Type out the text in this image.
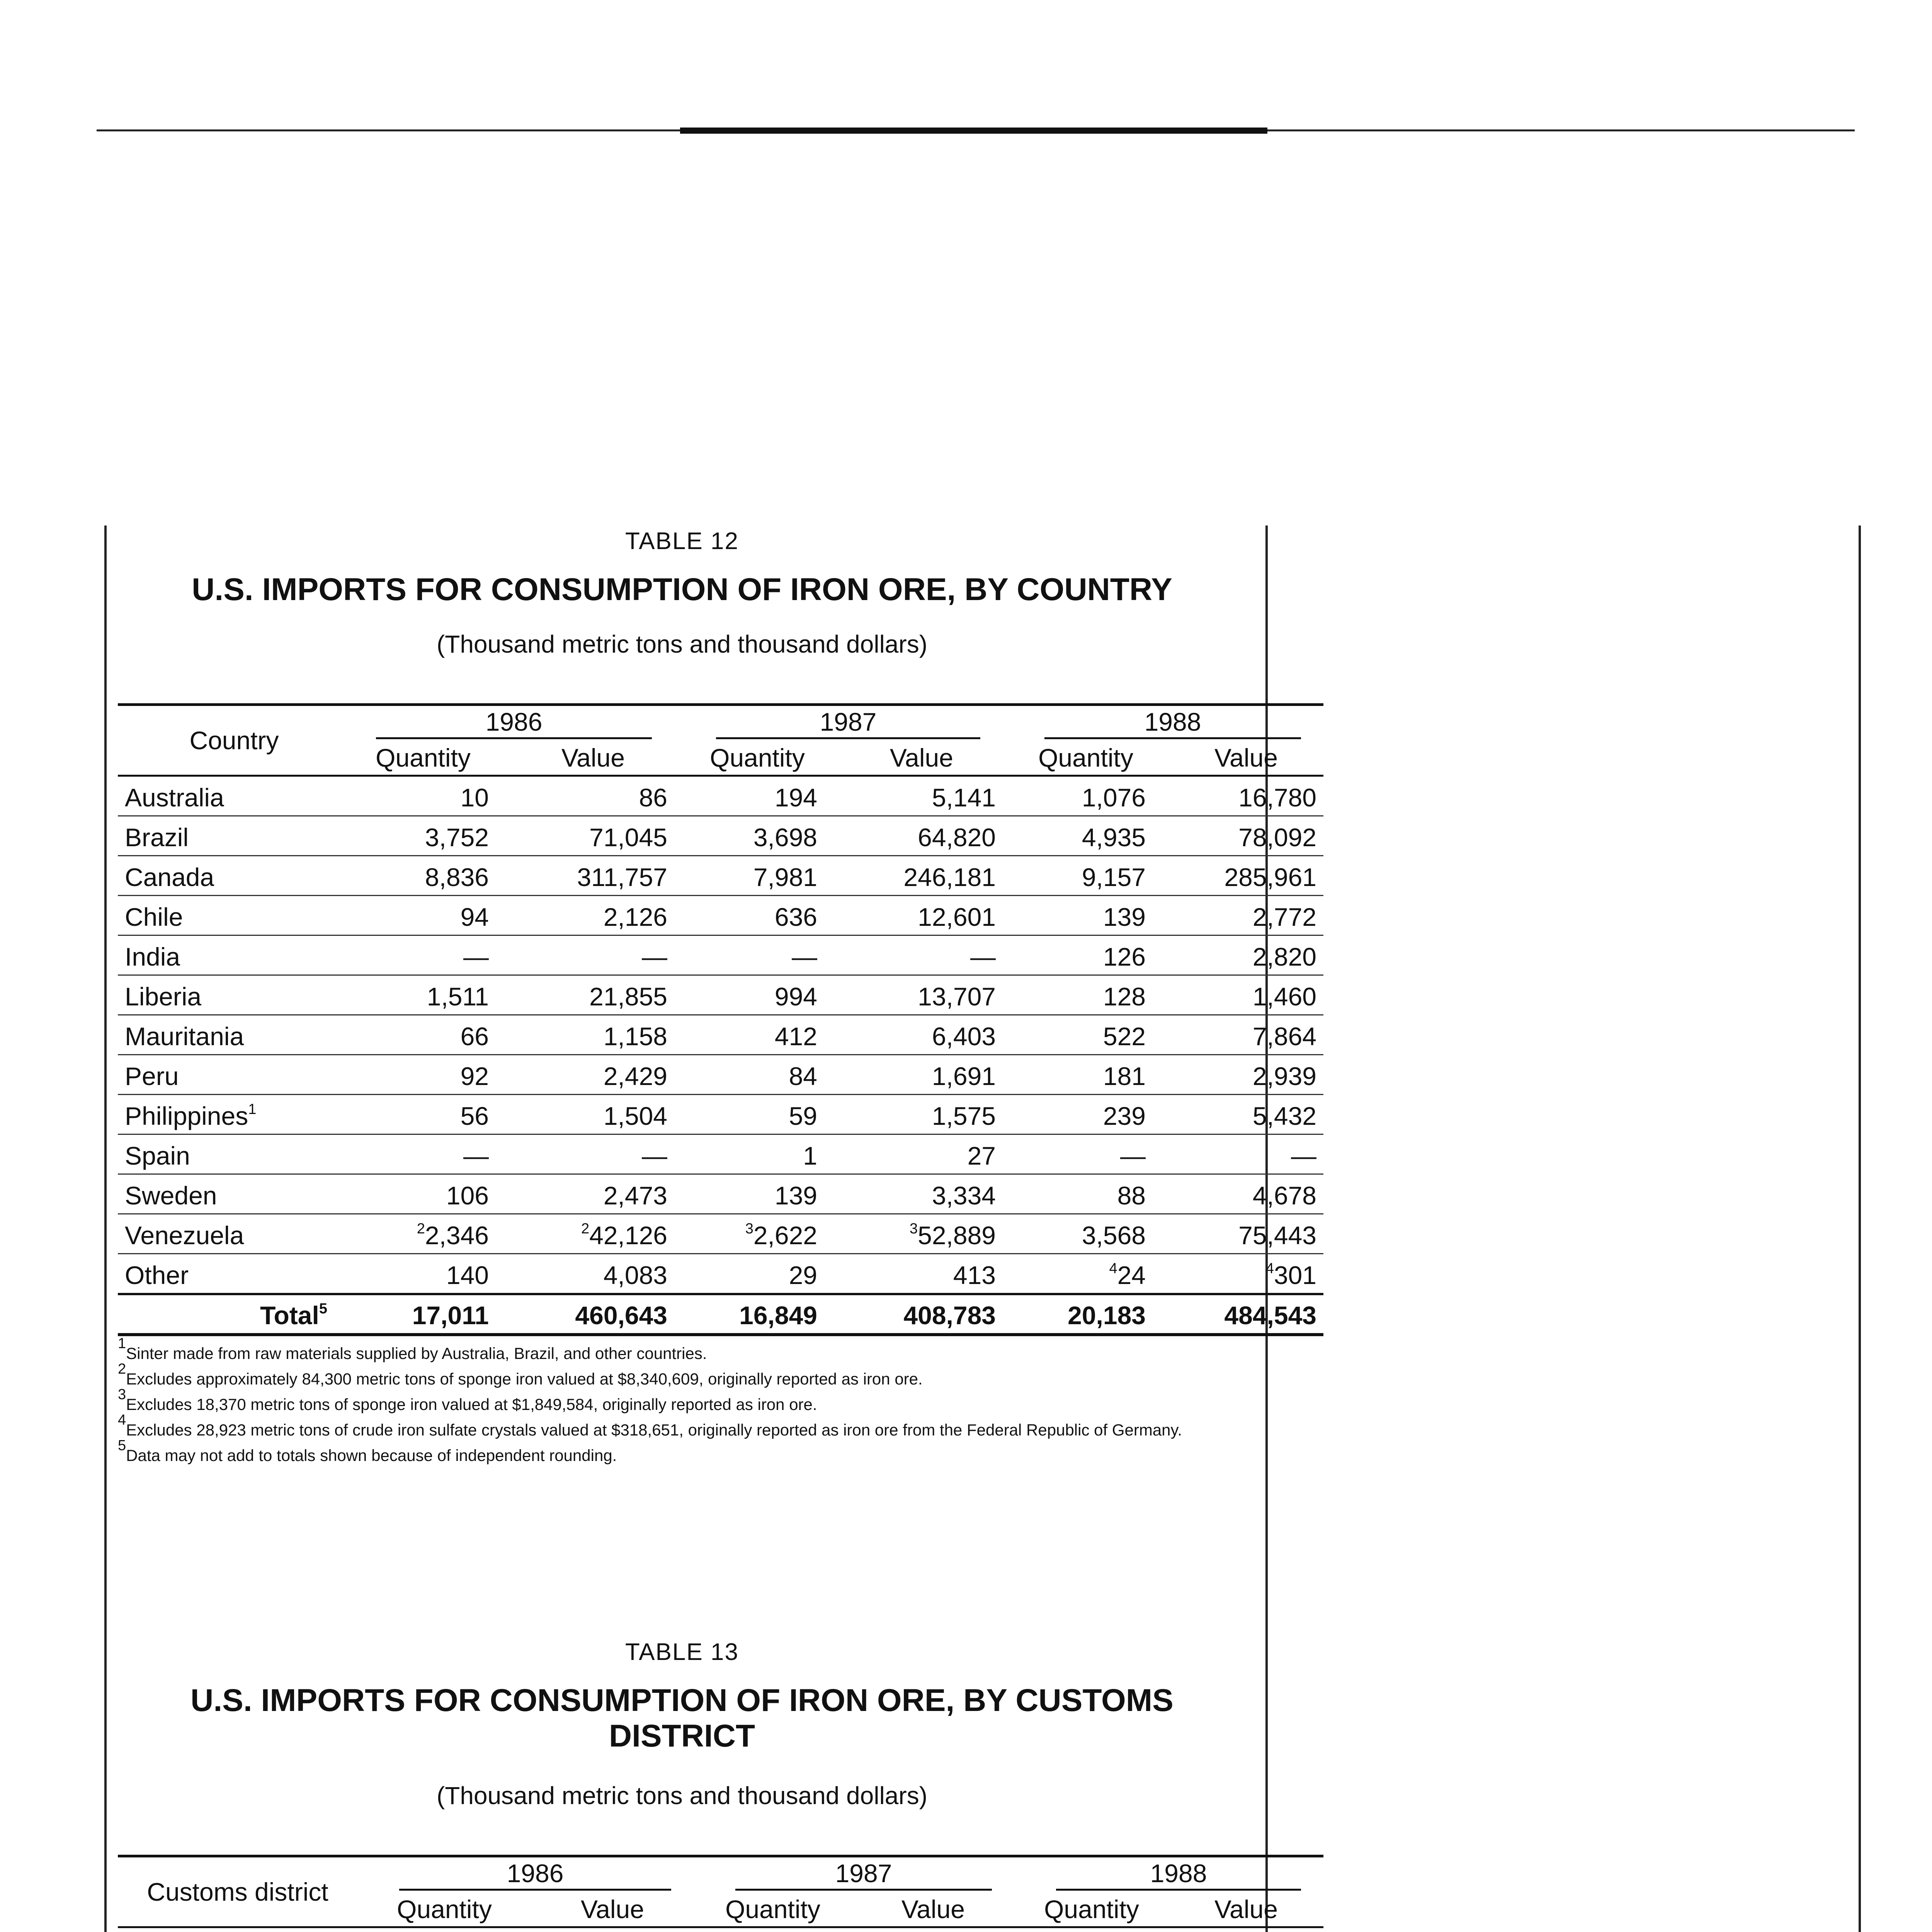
TABLE 12
U.S. IMPORTS FOR CONSUMPTION OF IRON ORE, BY COUNTRY
(Thousand metric tons and thousand dollars)

Country	1986		1987		1988	

	Quantity	Value	Quantity	Value	Quantity	Value
Australia	10	86	194	5,141	1,076	16,780
Brazil	3,752	71,045	3,698	64,820	4,935	78,092
Canada	8,836	311,757	7,981	246,181	9,157	285,961
Chile	94	2,126	636	12,601	139	2,772
India	—	—	—	—	126	2,820
Liberia	1,511	21,855	994	13,707	128	1,460
Mauritania	66	1,158	412	6,403	522	7,864
Peru	92	2,429	84	1,691	181	2,939
Philippines$^1$	56	1,504	59	1,575	239	5,432
Spain	—	—	1	27	—	—
Sweden	106	2,473	139	3,334	88	4,678
Venezuela	$^2$2,346	$^2$42,126	$^3$2,622	$^3$52,889	3,568	75,443
Other	140	4,083	29	413	$^4$24	$^4$301
Total$^5$	17,011	460,643	16,849	408,783	20,183	484,543

$^1$Sinter made from raw materials supplied by Australia, Brazil, and other countries.

$^2$Excludes approximately 84,300 metric tons of sponge iron valued at $8,340,609, originally reported as iron ore.

$^3$Excludes 18,370 metric tons of sponge iron valued at $1,849,584, originally reported as iron ore.

$^4$Excludes 28,923 metric tons of crude iron sulfate crystals valued at $318,651, originally reported as iron ore from the Federal Republic of Germany.

$^5$Data may not add to totals shown because of independent rounding.

TABLE 13
U.S. IMPORTS FOR CONSUMPTION OF IRON ORE, BY CUSTOMS
DISTRICT
(Thousand metric tons and thousand dollars)

Customs district	1986		1987		1988	

	Quantity	Value	Quantity	Value	Quantity	Value
